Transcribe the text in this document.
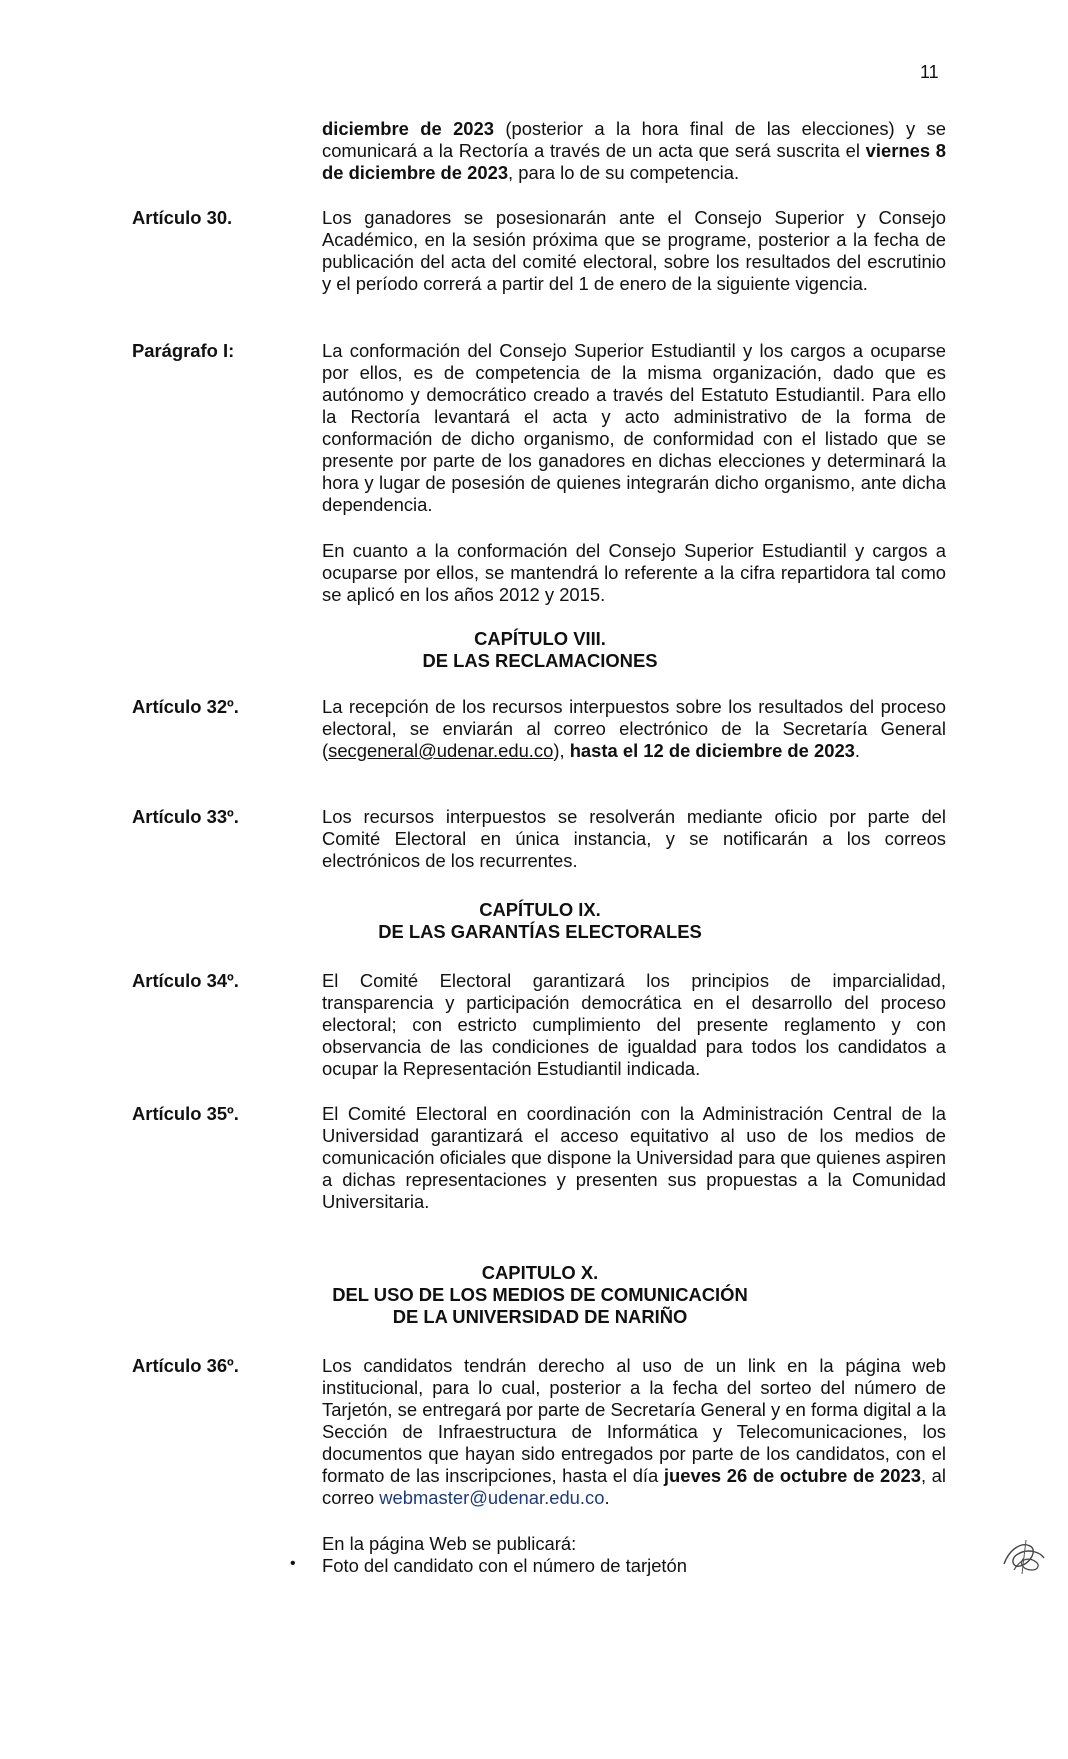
11
diciembre de 2023 (posterior a la hora final de las elecciones) y se comunicará a la Rectoría a través de un acta que será suscrita el viernes 8 de diciembre de 2023, para lo de su competencia.
Artículo 30.	Los ganadores se posesionarán ante el Consejo Superior y Consejo Académico, en la sesión próxima que se programe, posterior a la fecha de publicación del acta del comité electoral, sobre los resultados del escrutinio y el período correrá a partir del 1 de enero de la siguiente vigencia.
Parágrafo I:	La conformación del Consejo Superior Estudiantil y los cargos a ocuparse por ellos, es de competencia de la misma organización, dado que es autónomo y democrático creado a través del Estatuto Estudiantil. Para ello la Rectoría levantará el acta y acto administrativo de la forma de conformación de dicho organismo, de conformidad con el listado que se presente por parte de los ganadores en dichas elecciones y determinará la hora y lugar de posesión de quienes integrarán dicho organismo, ante dicha dependencia.
En cuanto a la conformación del Consejo Superior Estudiantil y cargos a ocuparse por ellos, se mantendrá lo referente a la cifra repartidora tal como se aplicó en los años 2012 y 2015.
CAPÍTULO VIII.
DE LAS RECLAMACIONES
Artículo 32º.	La recepción de los recursos interpuestos sobre los resultados del proceso electoral, se enviarán al correo electrónico de la Secretaría General (secgeneral@udenar.edu.co), hasta el 12 de diciembre de 2023.
Artículo 33º.	Los recursos interpuestos se resolverán mediante oficio por parte del Comité Electoral en única instancia, y se notificarán a los correos electrónicos de los recurrentes.
CAPÍTULO IX.
DE LAS GARANTÍAS ELECTORALES
Artículo 34º.	El Comité Electoral garantizará los principios de imparcialidad, transparencia y participación democrática en el desarrollo del proceso electoral; con estricto cumplimiento del presente reglamento y con observancia de las condiciones de igualdad para todos los candidatos a ocupar la Representación Estudiantil indicada.
Artículo 35º.	El Comité Electoral en coordinación con la Administración Central de la Universidad garantizará el acceso equitativo al uso de los medios de comunicación oficiales que dispone la Universidad para que quienes aspiren a dichas representaciones y presenten sus propuestas a la Comunidad Universitaria.
CAPITULO X.
DEL USO DE LOS MEDIOS DE COMUNICACIÓN
DE LA UNIVERSIDAD DE NARIÑO
Artículo 36º.	Los candidatos tendrán derecho al uso de un link en la página web institucional, para lo cual, posterior a la fecha del sorteo del número de Tarjetón, se entregará por parte de Secretaría General y en forma digital a la Sección de Infraestructura de Informática y Telecomunicaciones, los documentos que hayan sido entregados por parte de los candidatos, con el formato de las inscripciones, hasta el día jueves 26 de octubre de 2023, al correo webmaster@udenar.edu.co.
En la página Web se publicará:
• Foto del candidato con el número de tarjetón
